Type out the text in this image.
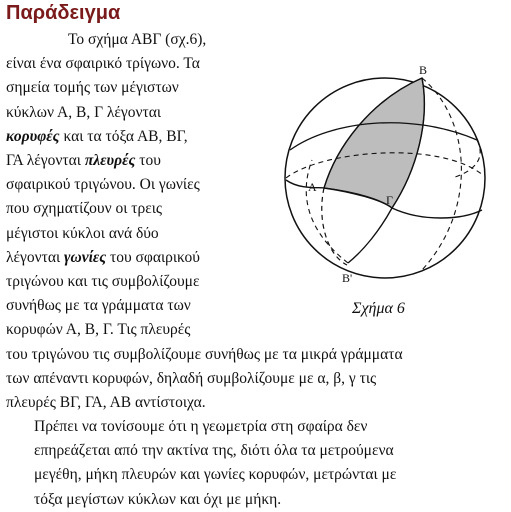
Παράδειγμα

Το σχήμα ΑΒΓ (σχ.6),
είναι ένα σφαιρικό τρίγωνο. Τα
σημεία τομής των μέγιστων
κύκλων Α, Β, Γ λέγονται
κορυφές και τα τόξα ΑΒ, ΒΓ,
ΓΑ λέγονται πλευρές του
σφαιρικού τριγώνου. Οι γωνίες
που σχηματίζουν οι τρεις
μέγιστοι κύκλοι ανά δύο
λέγονται γωνίες του σφαιρικού
τριγώνου και τις συμβολίζουμε
συνήθως με τα γράμματα των
κορυφών Α, Β, Γ. Τις πλευρές

του τριγώνου τις συμβολίζουμε συνήθως με τα μικρά γράμματα
των απέναντι κορυφών, δηλαδή συμβολίζουμε με α, β, γ τις
πλευρές ΒΓ, ΓΑ, ΑΒ αντίστοιχα.

Πρέπει να τονίσουμε ότι η γεωμετρία στη σφαίρα δεν
επηρεάζεται από την ακτίνα της, διότι όλα τα μετρούμενα
μεγέθη, μήκη πλευρών και γωνίες κορυφών, μετρώνται με
τόξα μεγίστων κύκλων και όχι με μήκη.

Β
Α
Γ
Β'

Σχήμα 6
